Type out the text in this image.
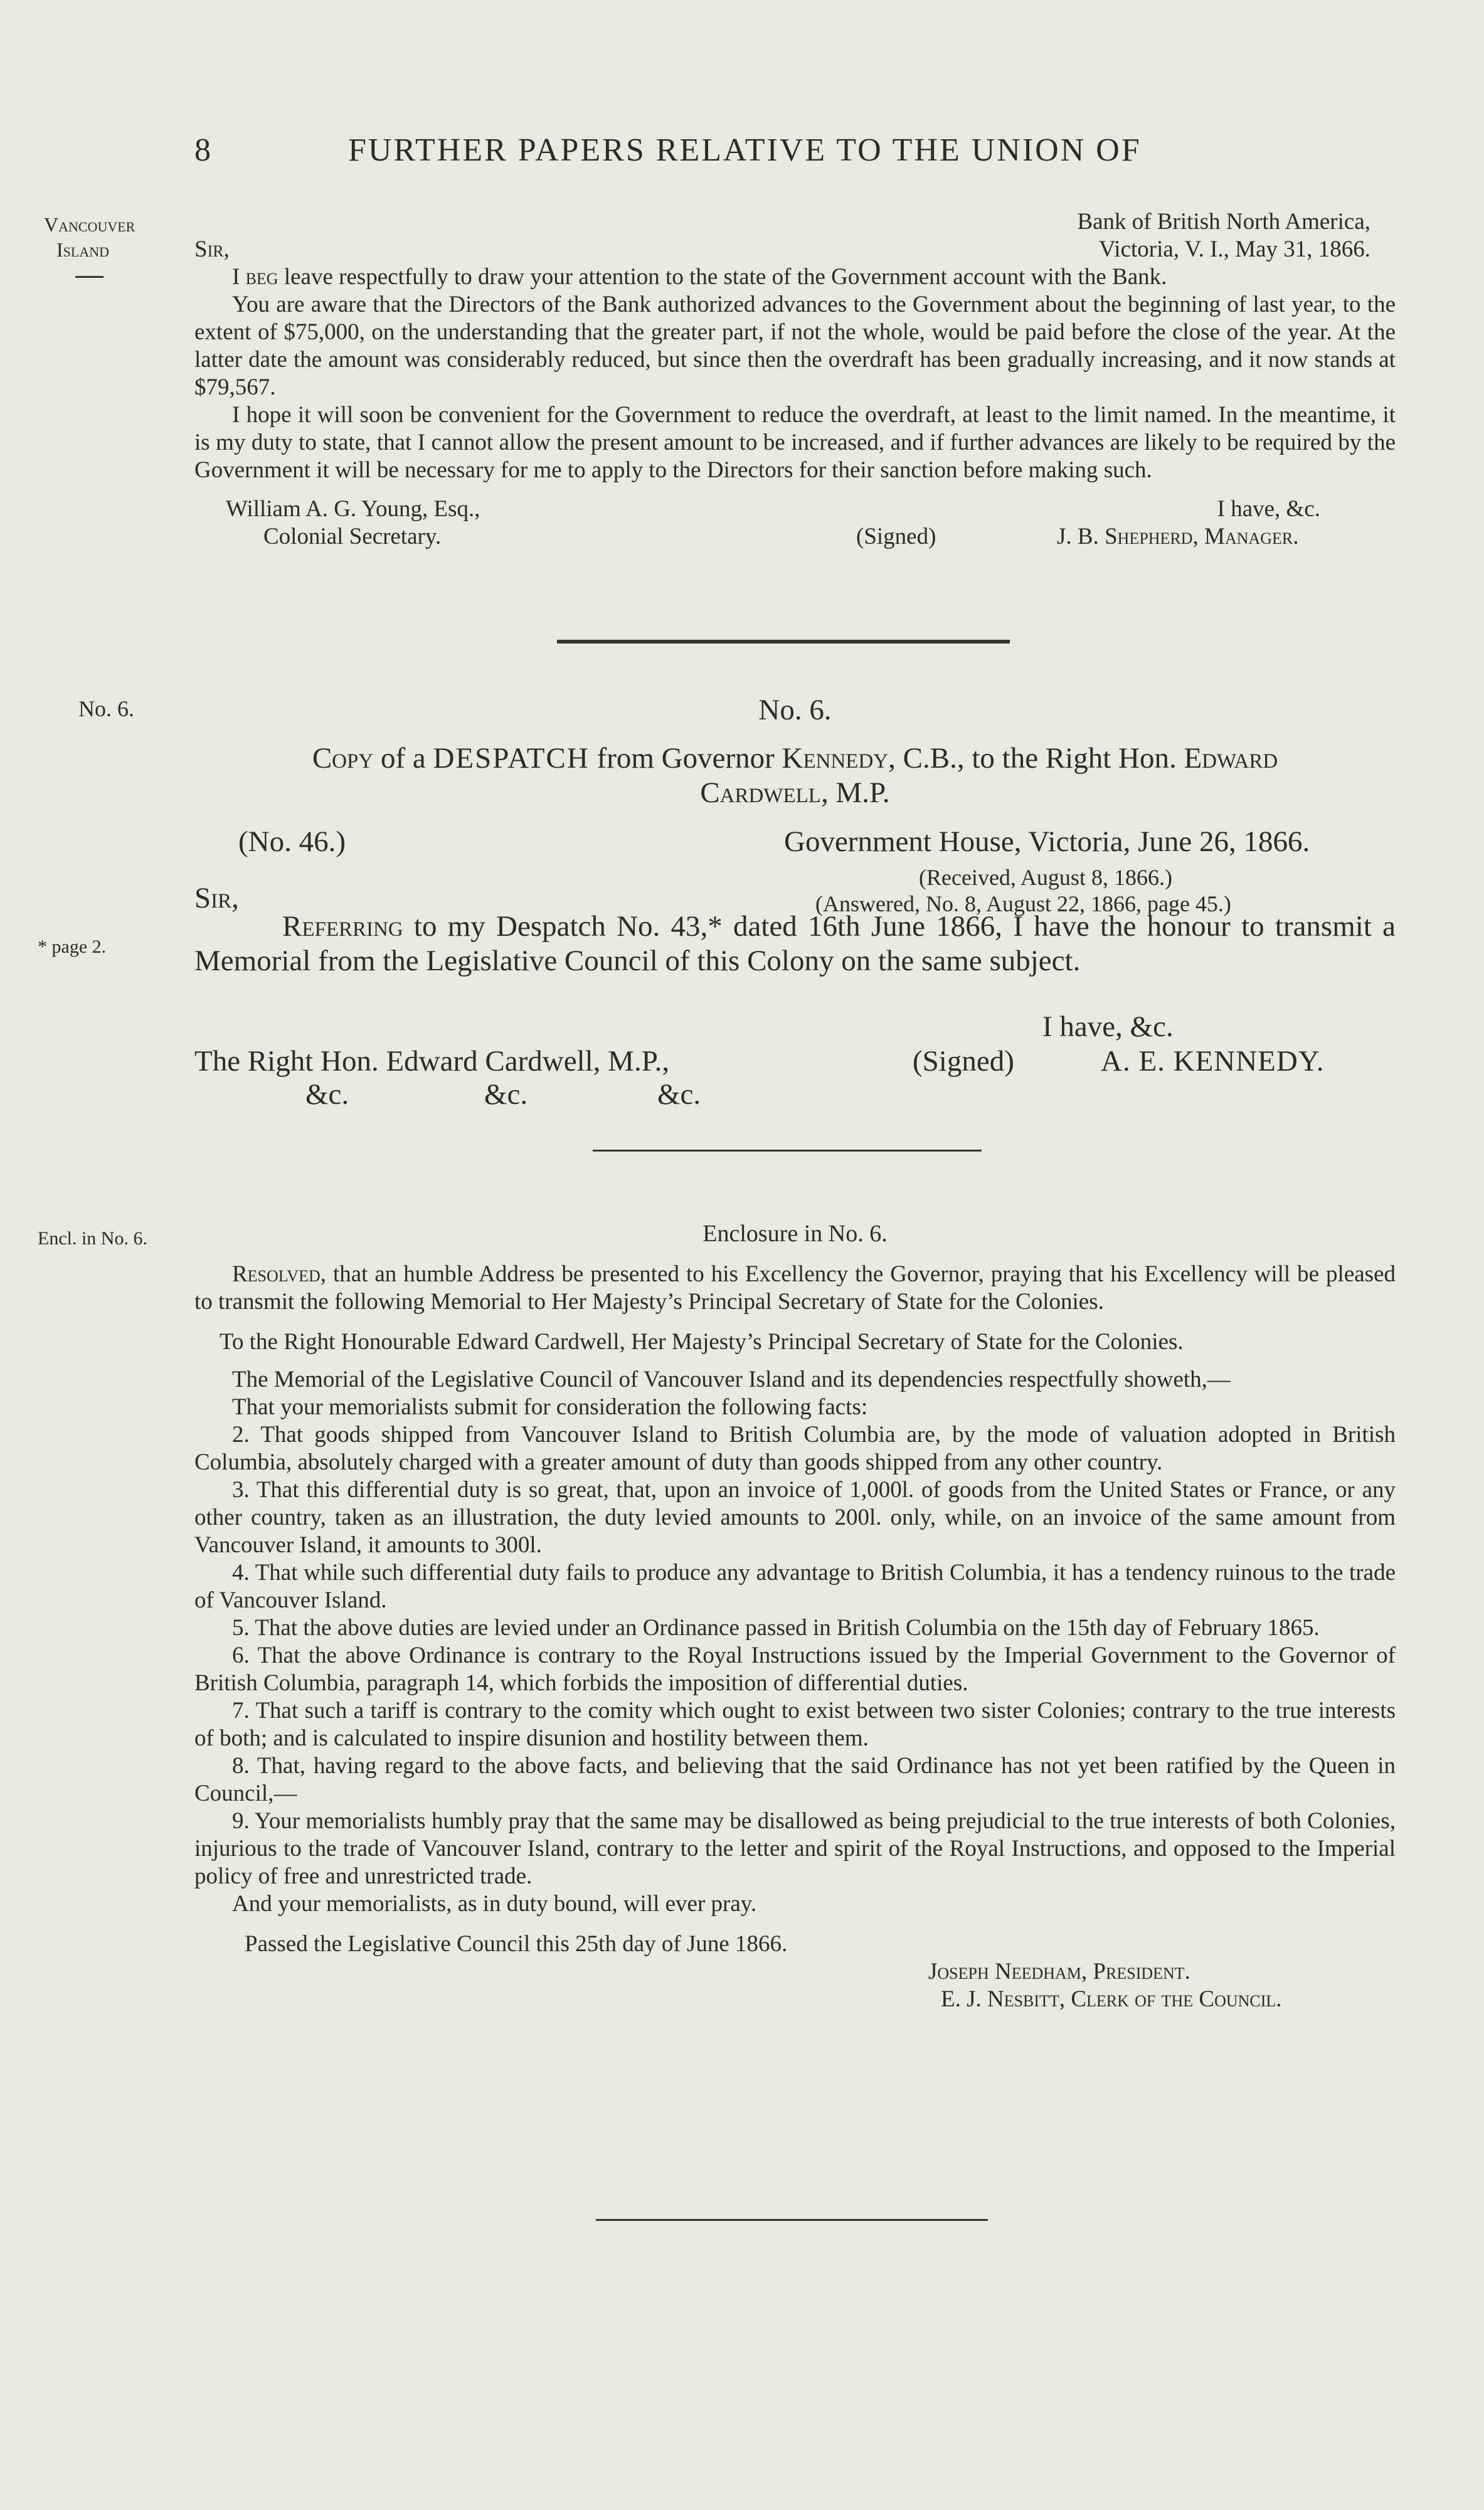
8	FURTHER PAPERS RELATIVE TO THE UNION OF
Vancouver
Island
No. 6.
* page 2.
Encl. in No. 6.
Bank of British North America,
Sir,	Victoria, V. I., May 31, 1866.

I beg leave respectfully to draw your attention to the state of the Government account with the Bank.

You are aware that the Directors of the Bank authorized advances to the Government about the beginning of last year, to the extent of $75,000, on the understanding that the greater part, if not the whole, would be paid before the close of the year. At the latter date the amount was considerably reduced, but since then the overdraft has been gradually increasing, and it now stands at $79,567.

I hope it will soon be convenient for the Government to reduce the overdraft, at least to the limit named. In the meantime, it is my duty to state, that I cannot allow the present amount to be increased, and if further advances are likely to be required by the Government it will be necessary for me to apply to the Directors for their sanction before making such.

William A. G. Young, Esq.,	I have, &c.
Colonial Secretary.	(Signed)	J. B. Shepherd, Manager.
No. 6.
Copy of a DESPATCH from Governor Kennedy, C.B., to the Right Hon. Edward
Cardwell, M.P.
(No. 46.)	Government House, Victoria, June 26, 1866.
(Received, August 8, 1866.)
Sir,	(Answered, No. 8, August 22, 1866, page 45.)

Referring to my Despatch No. 43,* dated 16th June 1866, I have the honour to transmit a Memorial from the Legislative Council of this Colony on the same subject.

I have, &c.
The Right Hon. Edward Cardwell, M.P.,	(Signed)	A. E. KENNEDY.
&c.	&c.	&c.
Enclosure in No. 6.

Resolved, that an humble Address be presented to his Excellency the Governor, praying that his Excellency will be pleased to transmit the following Memorial to Her Majesty’s Principal Secretary of State for the Colonies.

To the Right Honourable Edward Cardwell, Her Majesty’s Principal Secretary of State for the Colonies.

The Memorial of the Legislative Council of Vancouver Island and its dependencies respectfully showeth,—

That your memorialists submit for consideration the following facts:

2. That goods shipped from Vancouver Island to British Columbia are, by the mode of valuation adopted in British Columbia, absolutely charged with a greater amount of duty than goods shipped from any other country.

3. That this differential duty is so great, that, upon an invoice of 1,000l. of goods from the United States or France, or any other country, taken as an illustration, the duty levied amounts to 200l. only, while, on an invoice of the same amount from Vancouver Island, it amounts to 300l.

4. That while such differential duty fails to produce any advantage to British Columbia, it has a tendency ruinous to the trade of Vancouver Island.

5. That the above duties are levied under an Ordinance passed in British Columbia on the 15th day of February 1865.

6. That the above Ordinance is contrary to the Royal Instructions issued by the Imperial Government to the Governor of British Columbia, paragraph 14, which forbids the imposition of differential duties.

7. That such a tariff is contrary to the comity which ought to exist between two sister Colonies; contrary to the true interests of both; and is calculated to inspire disunion and hostility between them.

8. That, having regard to the above facts, and believing that the said Ordinance has not yet been ratified by the Queen in Council,—

9. Your memorialists humbly pray that the same may be disallowed as being prejudicial to the true interests of both Colonies, injurious to the trade of Vancouver Island, contrary to the letter and spirit of the Royal Instructions, and opposed to the Imperial policy of free and unrestricted trade.

And your memorialists, as in duty bound, will ever pray.

Passed the Legislative Council this 25th day of June 1866.

Joseph Needham, President.
E. J. Nesbitt, Clerk of the Council.
